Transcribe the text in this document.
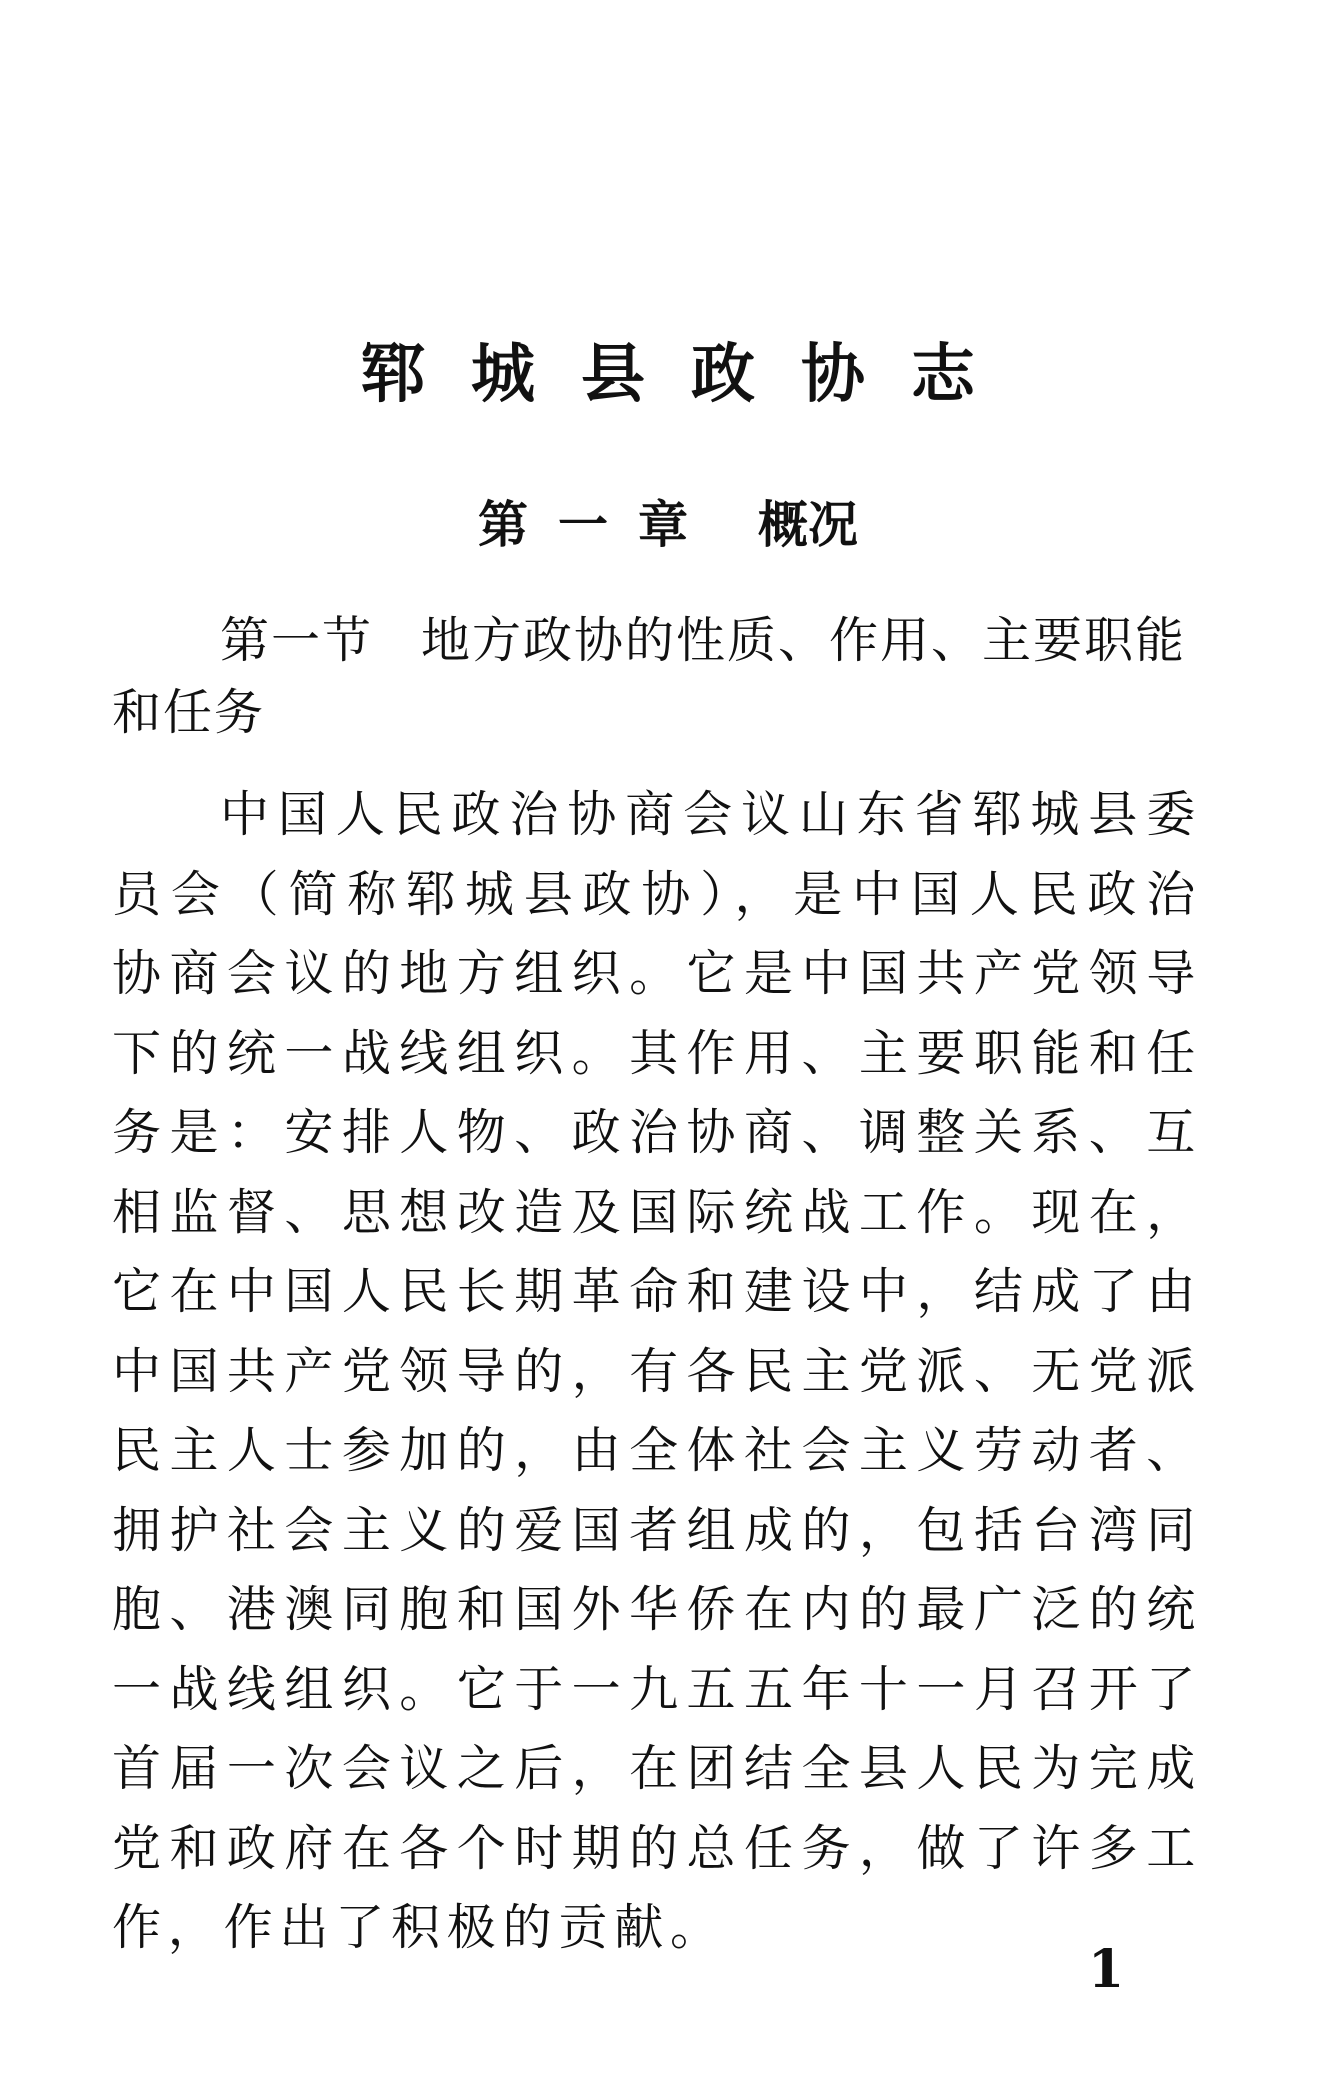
郓城县政协志
第一章 概况
第一节 地方政协的性质、作用、主要职能和任务
中国人民政治协商会议山东省郓城县委员会（简称郓城县政协），是中国人民政治协商会议的地方组织。它是中国共产党领导下的统一战线组织。其作用、主要职能和任务是：安排人物、政治协商、调整关系、互相监督、思想改造及国际统战工作。现在，它在中国人民长期革命和建设中，结成了由中国共产党领导的，有各民主党派、无党派民主人士参加的，由全体社会主义劳动者、拥护社会主义的爱国者组成的，包括台湾同胞、港澳同胞和国外华侨在内的最广泛的统一战线组织。它于一九五五年十一月召开了首届一次会议之后，在团结全县人民为完成党和政府在各个时期的总任务，做了许多工作，作出了积极的贡献。
1
